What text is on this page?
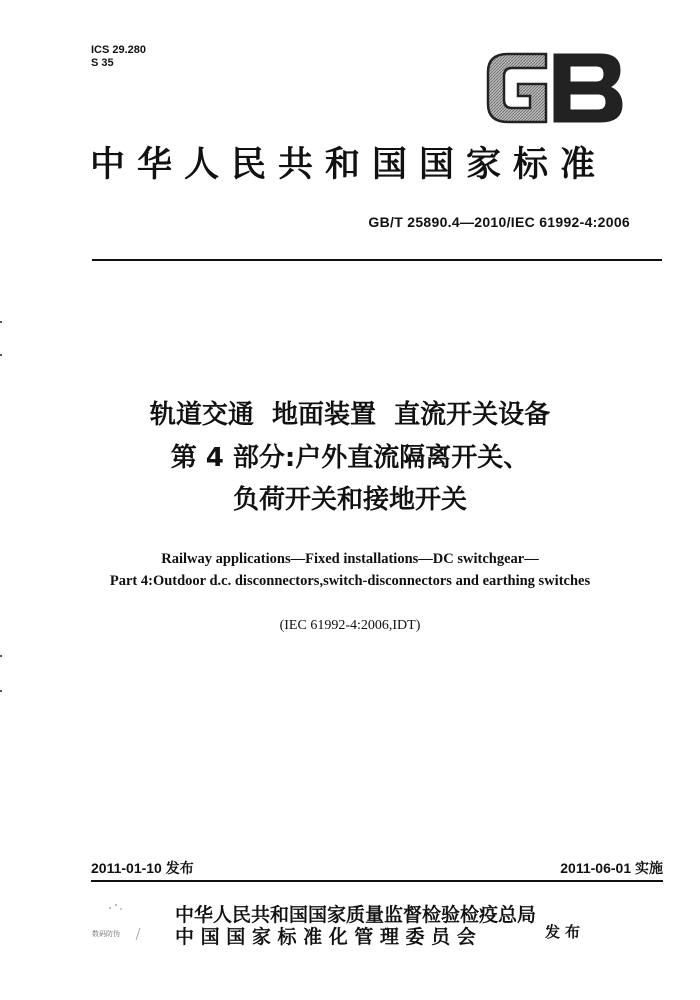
ICS 29.280
S 35
中华人民共和国国家标准
GB/T 25890.4—2010/IEC 61992-4:2006
轨道交通  地面装置  直流开关设备
第 4 部分:户外直流隔离开关、
负荷开关和接地开关
Railway applications—Fixed installations—DC switchgear—
Part 4:Outdoor d.c. disconnectors,switch-disconnectors and earthing switches
(IEC 61992-4:2006,IDT)
2011-01-10 发布	2011-06-01 实施
数码防伪
中华人民共和国国家质量监督检验检疫总局
中 国 国 家 标 准 化 管 理 委 员 会	发布
